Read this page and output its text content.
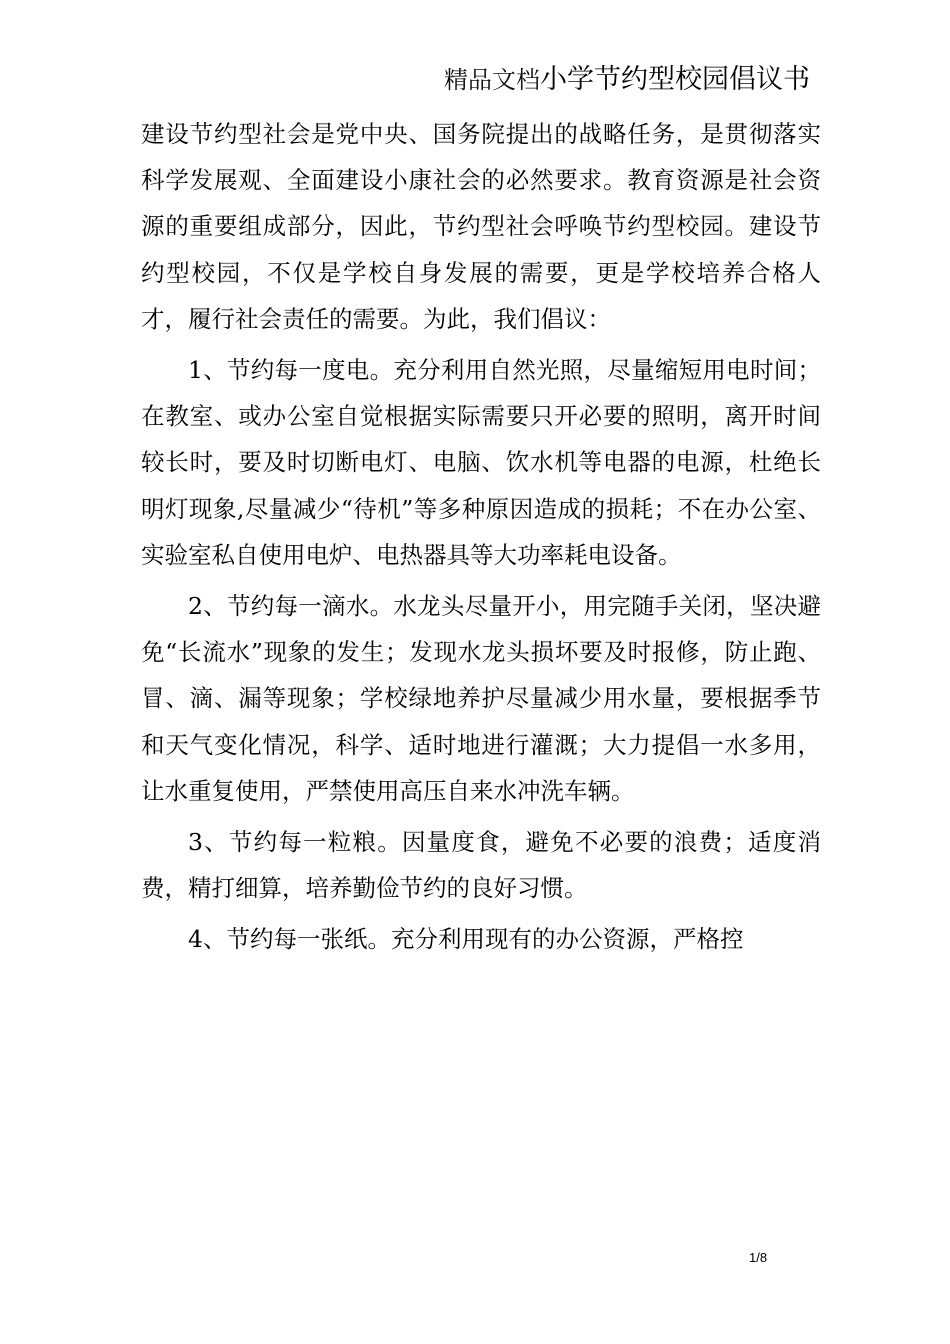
精品文档小学节约型校园倡议书

建设节约型社会是党中央、国务院提出的战略任务，是贯彻落实科学发展观、全面建设小康社会的必然要求。教育资源是社会资源的重要组成部分，因此，节约型社会呼唤节约型校园。建设节约型校园，不仅是学校自身发展的需要，更是学校培养合格人才，履行社会责任的需要。为此，我们倡议：

1、节约每一度电。充分利用自然光照，尽量缩短用电时间；在教室、或办公室自觉根据实际需要只开必要的照明，离开时间较长时，要及时切断电灯、电脑、饮水机等电器的电源，杜绝长明灯现象,尽量减少“待机”等多种原因造成的损耗；不在办公室、实验室私自使用电炉、电热器具等大功率耗电设备。

2、节约每一滴水。水龙头尽量开小，用完随手关闭，坚决避免“长流水”现象的发生；发现水龙头损坏要及时报修，防止跑、冒、滴、漏等现象；学校绿地养护尽量减少用水量，要根据季节和天气变化情况，科学、适时地进行灌溉；大力提倡一水多用，让水重复使用，严禁使用高压自来水冲洗车辆。

3、节约每一粒粮。因量度食，避免不必要的浪费；适度消费，精打细算，培养勤俭节约的良好习惯。

4、节约每一张纸。充分利用现有的办公资源，严格控

1/8
